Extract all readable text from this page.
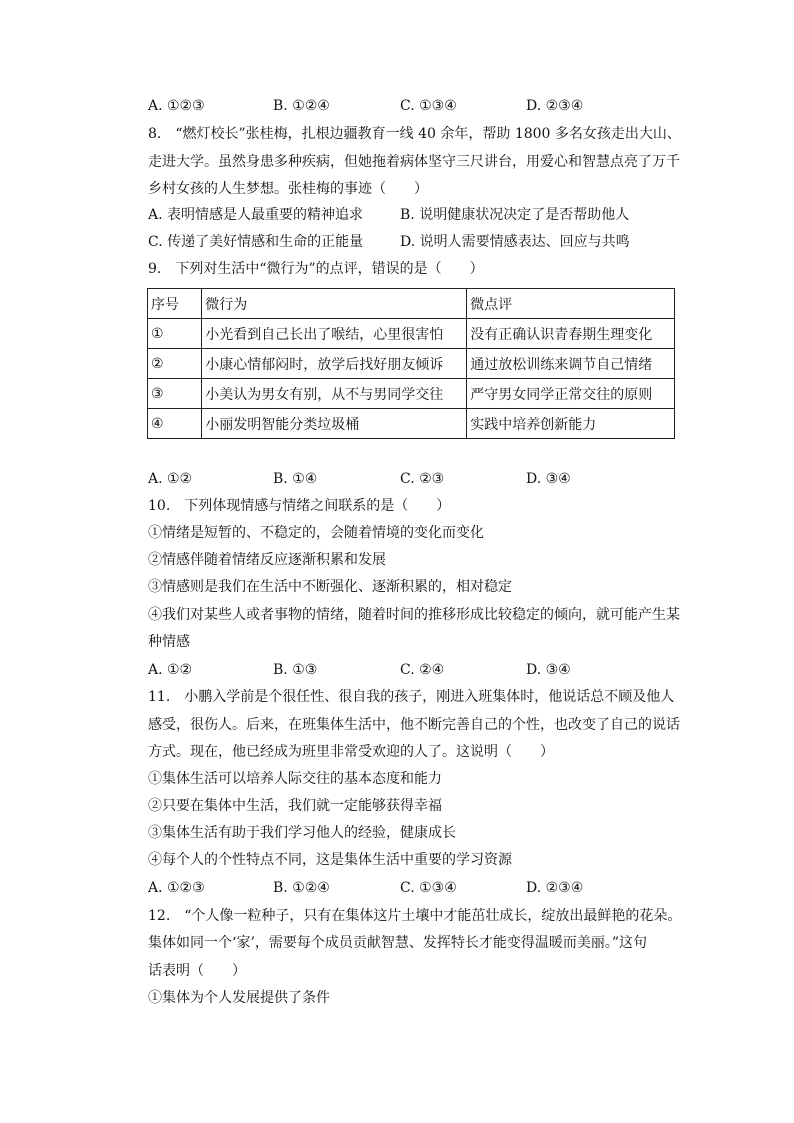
A. ①②③	B. ①②④	C. ①③④	D. ②③④
8.　“燃灯校长”张桂梅，扎根边疆教育一线 40 余年，帮助 1800 多名女孩走出大山、
走进大学。虽然身患多种疾病，但她拖着病体坚守三尺讲台，用爱心和智慧点亮了万千
乡村女孩的人生梦想。张桂梅的事迹（　　）
A. 表明情感是人最重要的精神追求	B. 说明健康状况决定了是否帮助他人
C. 传递了美好情感和生命的正能量	D. 说明人需要情感表达、回应与共鸣
9.　下列对生活中“微行为”的点评，错误的是（　　）
序号	微行为	微点评
①	小光看到自己长出了喉结，心里很害怕	没有正确认识青春期生理变化
②	小康心情郁闷时，放学后找好朋友倾诉	通过放松训练来调节自己情绪
③	小美认为男女有别，从不与男同学交往	严守男女同学正常交往的原则
④	小丽发明智能分类垃圾桶	实践中培养创新能力
A. ①②	B. ①④	C. ②③	D. ③④
10.　下列体现情感与情绪之间联系的是（　　）
①情绪是短暂的、不稳定的，会随着情境的变化而变化
②情感伴随着情绪反应逐渐积累和发展
③情感则是我们在生活中不断强化、逐渐积累的，相对稳定
④我们对某些人或者事物的情绪，随着时间的推移形成比较稳定的倾向，就可能产生某
种情感
A. ①②	B. ①③	C. ②④	D. ③④
11.　小鹏入学前是个很任性、很自我的孩子，刚进入班集体时，他说话总不顾及他人
感受，很伤人。后来，在班集体生活中，他不断完善自己的个性，也改变了自己的说话
方式。现在，他已经成为班里非常受欢迎的人了。这说明（　　）
①集体生活可以培养人际交往的基本态度和能力
②只要在集体中生活，我们就一定能够获得幸福
③集体生活有助于我们学习他人的经验，健康成长
④每个人的个性特点不同，这是集体生活中重要的学习资源
A. ①②③	B. ①②④	C. ①③④	D. ②③④
12.　“个人像一粒种子，只有在集体这片土壤中才能茁壮成长，绽放出最鲜艳的花朵。
集体如同一个‘家’，需要每个成员贡献智慧、发挥特长才能变得温暖而美丽。”这句
话表明（　　）
①集体为个人发展提供了条件
